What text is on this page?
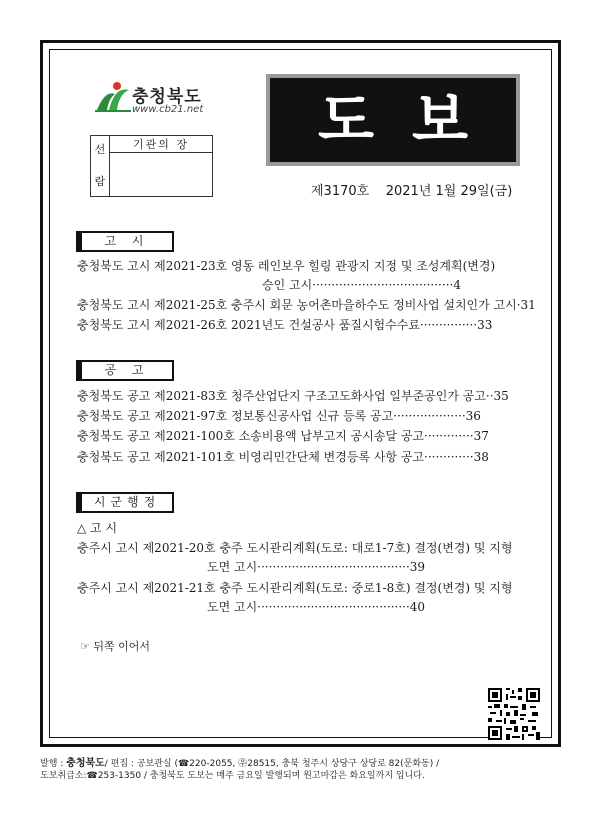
충청북도
www.cb21.net
선

람	기관의 장	도보
제3170호 2021년 1월 29일(금)
고 시
충청북도 고시 제2021-23호 영동 레인보우 힐링 관광지 지정 및 조성계획(변경)
승인 고시·····································4
충청북도 고시 제2021-25호 충주시 회문 농어촌마을하수도 정비사업 설치인가 고시·31
충청북도 고시 제2021-26호 2021년도 건설공사 품질시험수수료···············33
공 고
충청북도 공고 제2021-83호 청주산업단지 구조고도화사업 일부준공인가 공고··35
충청북도 공고 제2021-97호 정보통신공사업 신규 등록 공고···················36
충청북도 공고 제2021-100호 소송비용액 납부고지 공시송달 공고·············37
충청북도 공고 제2021-101호 비영리민간단체 변경등록 사항 공고·············38
시군행정
△ 고 시
충주시 고시 제2021-20호 충주 도시관리계획(도로: 대로1-7호) 결정(변경) 및 지형
도면 고시········································39
충주시 고시 제2021-21호 충주 도시관리계획(도로: 중로1-8호) 결정(변경) 및 지형
도면 고시········································40
☞ 뒤쪽 이어서
발행 : 충청북도/ 편집 : 공보관실 (☎220-2055, ㉾28515, 충북 청주시 상당구 상당로 82(문화동) /
도보취급소:☎253-1350 / 충청북도 도보는 매주 금요일 발행되며 원고마감은 화요일까지 입니다.
